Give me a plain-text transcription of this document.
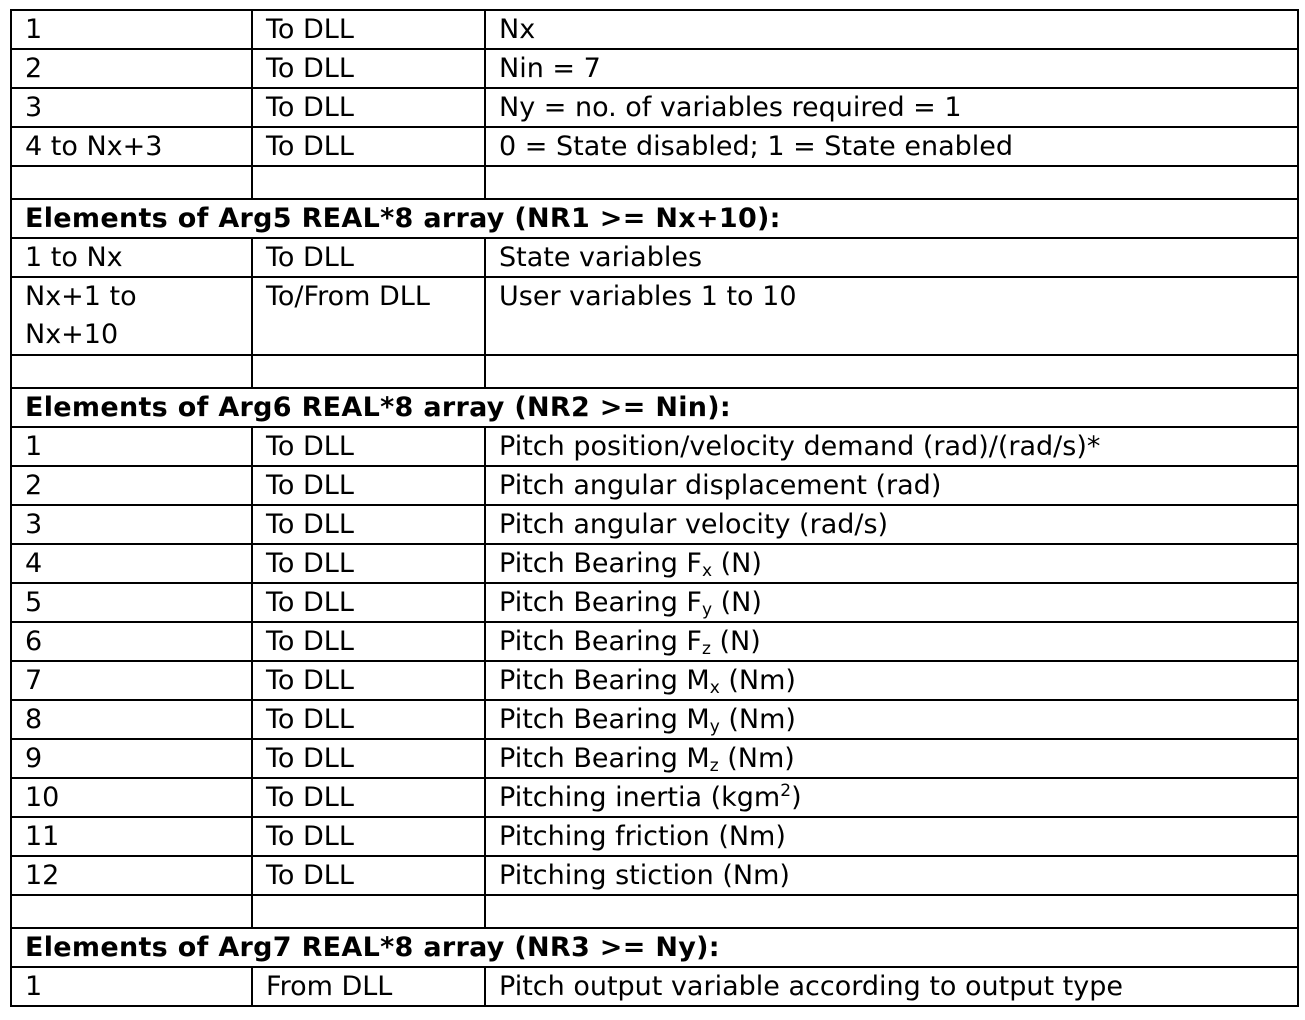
1	To DLL	Nx
2	To DLL	Nin = 7
3	To DLL	Ny = no. of variables required = 1
4 to Nx+3	To DLL	0 = State disabled; 1 = State enabled

Elements of Arg5 REAL*8 array (NR1 >= Nx+10):		
1 to Nx	To DLL	State variables

Nx+1 to
Nx+10	To/From DLL	User variables 1 to 10

Elements of Arg6 REAL*8 array (NR2 >= Nin):		
1	To DLL	Pitch position/velocity demand (rad)/(rad/s)*
2	To DLL	Pitch angular displacement (rad)
3	To DLL	Pitch angular velocity (rad/s)
4	To DLL	Pitch Bearing $F_x$ (N)
5	To DLL	Pitch Bearing $F_y$ (N)
6	To DLL	Pitch Bearing $F_z$ (N)
7	To DLL	Pitch Bearing $M_x$ (Nm)
8	To DLL	Pitch Bearing $M_y$ (Nm)
9	To DLL	Pitch Bearing $M_z$ (Nm)
10	To DLL	Pitching inertia (kgm$^2$)
11	To DLL	Pitching friction (Nm)
12	To DLL	Pitching stiction (Nm)

Elements of Arg7 REAL*8 array (NR3 >= Ny):		
1	From DLL	Pitch output variable according to output type
